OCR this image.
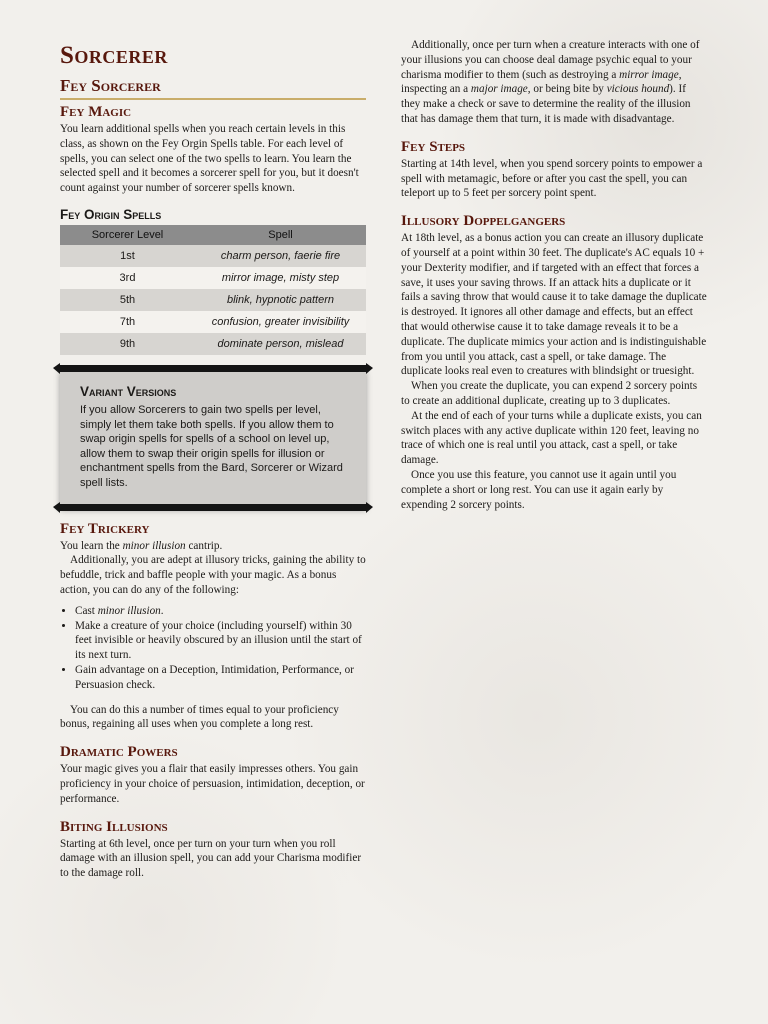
Sorcerer
Fey Sorcerer
Fey Magic

You learn additional spells when you reach certain levels in this class, as shown on the Fey Orgin Spells table. For each level of spells, you can select one of the two spells to learn. You learn the selected spell and it becomes a sorcerer spell for you, but it doesn't count against your number of sorcerer spells known.

Fey Origin Spells
Sorcerer Level	Spell
1st	charm person, faerie fire
3rd	mirror image, misty step
5th	blink, hypnotic pattern
7th	confusion, greater invisibility
9th	dominate person, mislead
Variant Versions

If you allow Sorcerers to gain two spells per level, simply let them take both spells. If you allow them to swap origin spells for spells of a school on level up, allow them to swap their origin spells for illusion or enchantment spells from the Bard, Sorcerer or Wizard spell lists.

Fey Trickery

You learn the minor illusion cantrip.

Additionally, you are adept at illusory tricks, gaining the ability to befuddle, trick and baffle people with your magic. As a bonus action, you can do any of the following:

• Cast minor illusion.
• Make a creature of your choice (including yourself) within 30 feet invisible or heavily obscured by an illusion until the start of its next turn.
• Gain advantage on a Deception, Intimidation, Performance, or Persuasion check.

You can do this a number of times equal to your proficiency bonus, regaining all uses when you complete a long rest.

Dramatic Powers

Your magic gives you a flair that easily impresses others. You gain proficiency in your choice of persuasion, intimidation, deception, or performance.

Biting Illusions

Starting at 6th level, once per turn on your turn when you roll damage with an illusion spell, you can add your Charisma modifier to the damage roll.

Additionally, once per turn when a creature interacts with one of your illusions you can choose deal damage psychic equal to your charisma modifier to them (such as destroying a mirror image, inspecting an a major image, or being bite by vicious hound). If they make a check or save to determine the reality of the illusion that has damage them that turn, it is made with disadvantage.

Fey Steps

Starting at 14th level, when you spend sorcery points to empower a spell with metamagic, before or after you cast the spell, you can teleport up to 5 feet per sorcery point spent.

Illusory Doppelgangers

At 18th level, as a bonus action you can create an illusory duplicate of yourself at a point within 30 feet. The duplicate's AC equals 10 + your Dexterity modifier, and if targeted with an effect that forces a save, it uses your saving throws. If an attack hits a duplicate or it fails a saving throw that would cause it to take damage the duplicate is destroyed. It ignores all other damage and effects, but an effect that would otherwise cause it to take damage reveals it to be a duplicate. The duplicate mimics your action and is indistinguishable from you until you attack, cast a spell, or take damage. The duplicate looks real even to creatures with blindsight or truesight.

When you create the duplicate, you can expend 2 sorcery points to create an additional duplicate, creating up to 3 duplicates.

At the end of each of your turns while a duplicate exists, you can switch places with any active duplicate within 120 feet, leaving no trace of which one is real until you attack, cast a spell, or take damage.

Once you use this feature, you cannot use it again until you complete a short or long rest. You can use it again early by expending 2 sorcery points.
